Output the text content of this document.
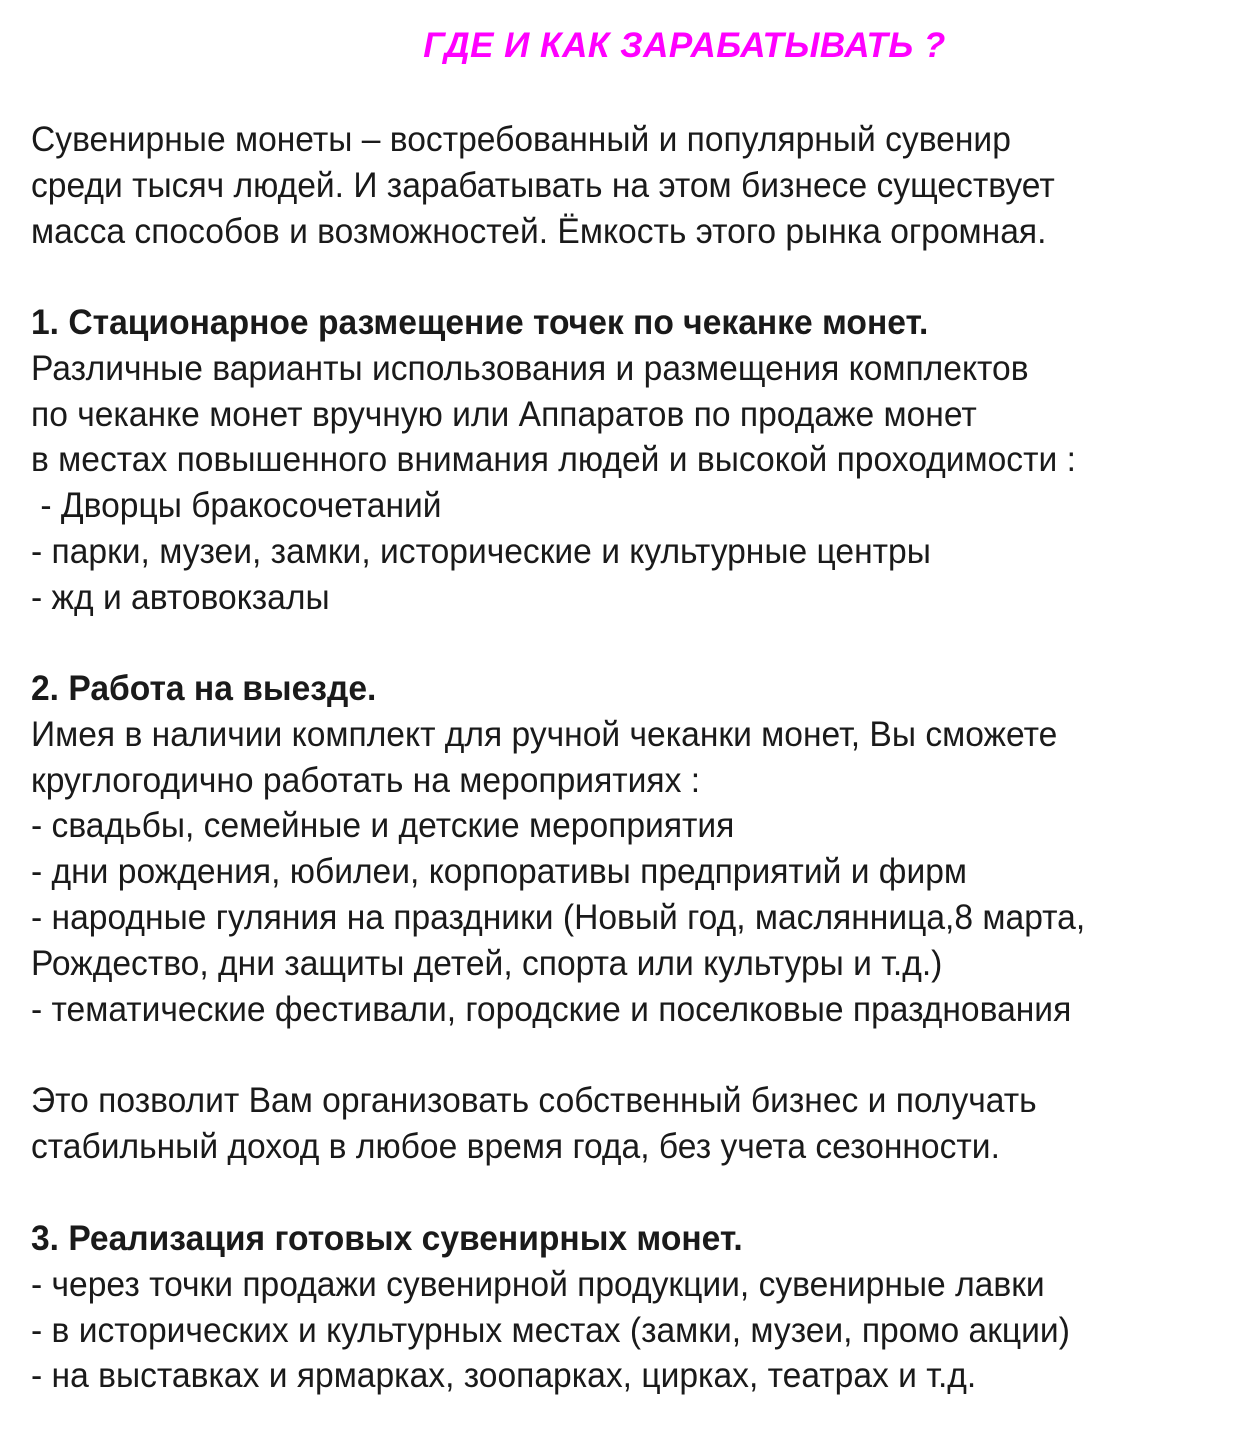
ГДЕ И КАК ЗАРАБАТЫВАТЬ ?
Сувенирные монеты – востребованный и популярный сувенир
среди тысяч людей. И зарабатывать на этом бизнесе существует
масса способов и возможностей. Ёмкость этого рынка огромная.
1. Стационарное размещение точек по чеканке монет.
Различные варианты использования и размещения комплектов
по чеканке монет вручную или Аппаратов по продаже монет
в местах повышенного внимания людей и высокой проходимости :
- Дворцы бракосочетаний
- парки, музеи, замки, исторические и культурные центры
- жд и автовокзалы
2. Работа на выезде.
Имея в наличии комплект для ручной чеканки монет, Вы сможете
круглогодично работать на мероприятиях :
- свадьбы, семейные и детские мероприятия
- дни рождения, юбилеи, корпоративы предприятий и фирм
- народные гуляния на праздники (Новый год, маслянница,8 марта,
Рождество, дни защиты детей, спорта или культуры и т.д.)
- тематические фестивали, городские и поселковые празднования
Это позволит Вам организовать собственный бизнес и получать
стабильный доход в любое время года, без учета сезонности.
3. Реализация готовых сувенирных монет.
- через точки продажи сувенирной продукции, сувенирные лавки
- в исторических и культурных местах (замки, музеи, промо акции)
- на выставках и ярмарках, зоопарках, цирках, театрах и т.д.
